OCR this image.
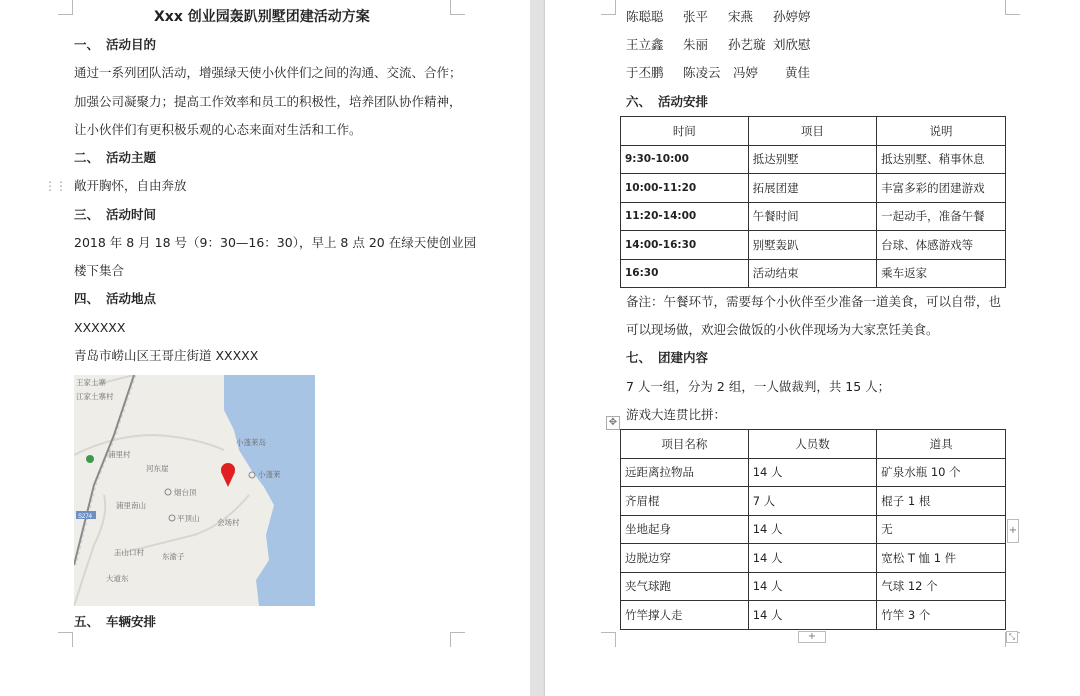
Xxx 创业园轰趴别墅团建活动方案
一、 活动目的
通过一系列团队活动，增强绿天使小伙伴们之间的沟通、交流、合作；
加强公司凝聚力；提高工作效率和员工的积极性，培养团队协作精神，
让小伙伴们有更积极乐观的心态来面对生活和工作。
二、 活动主题
⋮⋮ 敞开胸怀，自由奔放
三、 活动时间
2018 年 8 月 18 号（9：30—16：30），早上 8 点 20 在绿天使创业园
楼下集合
四、 活动地点
XXXXXX
青岛市崂山区王哥庄街道 XXXXX
S274
王家土寨
江家土寨村
小蓬莱岛
小蓬莱
浦里村
河东崖
烟台顶
浦里南山
平顶山 会场村
王山口村 东渝子
大道东
五、 车辆安排
陈聪聪 张平 宋燕 孙婷婷
王立鑫 朱丽 孙艺璇 刘欣慰
于丕鹏 陈凌云 冯婷 黄佳
六、 活动安排
时间	项目	说明
9:30-10:00	抵达别墅	抵达别墅、稍事休息
10:00-11:20	拓展团建	丰富多彩的团建游戏
11:20-14:00	午餐时间	一起动手，准备午餐
14:00-16:30	别墅轰趴	台球、体感游戏等
16:30	活动结束	乘车返家
备注：午餐环节，需要每个小伙伴至少准备一道美食，可以自带，也
可以现场做，欢迎会做饭的小伙伴现场为大家烹饪美食。
七、 团建内容
7 人一组，分为 2 组，一人做裁判，共 15 人；
游戏大连贯比拼：
✥
项目名称	人员数	道具
远距离拉物品	14 人	矿泉水瓶 10 个
齐眉棍	7 人	棍子 1 根
坐地起身	14 人	无
边脱边穿	14 人	宽松 T 恤 1 件
夹气球跑	14 人	气球 12 个
竹竿撑人走	14 人	竹竿 3 个
+
+	⤡
